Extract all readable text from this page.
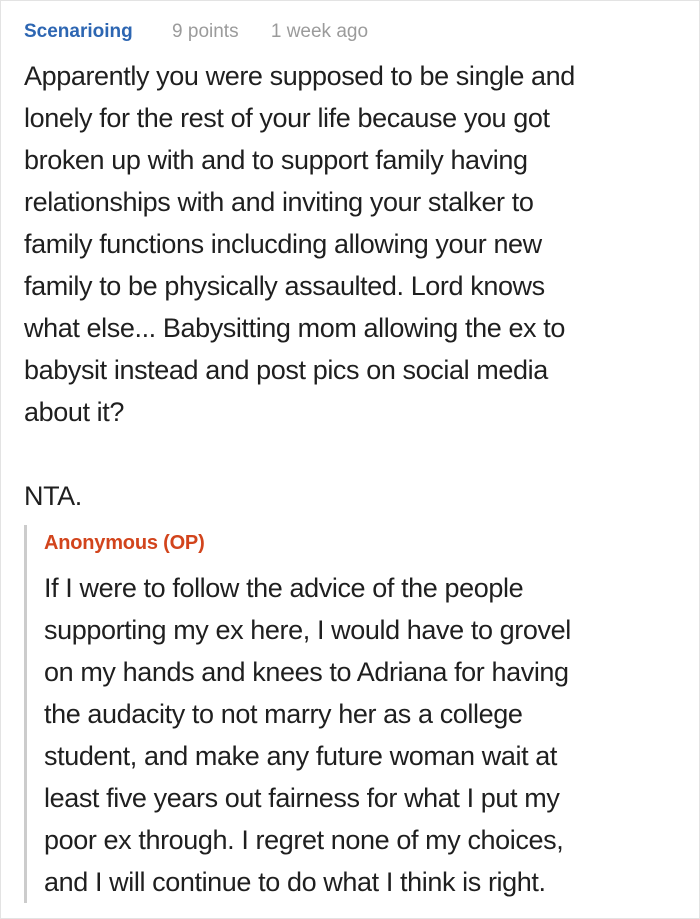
Scenarioing 9 points 1 week ago
Apparently you were supposed to be single and
lonely for the rest of your life because you got
broken up with and to support family having
relationships with and inviting your stalker to
family functions inclucding allowing your new
family to be physically assaulted. Lord knows
what else... Babysitting mom allowing the ex to
babysit instead and post pics on social media
about it?
NTA.
Anonymous (OP)
If I were to follow the advice of the people
supporting my ex here, I would have to grovel
on my hands and knees to Adriana for having
the audacity to not marry her as a college
student, and make any future woman wait at
least five years out fairness for what I put my
poor ex through. I regret none of my choices,
and I will continue to do what I think is right.
